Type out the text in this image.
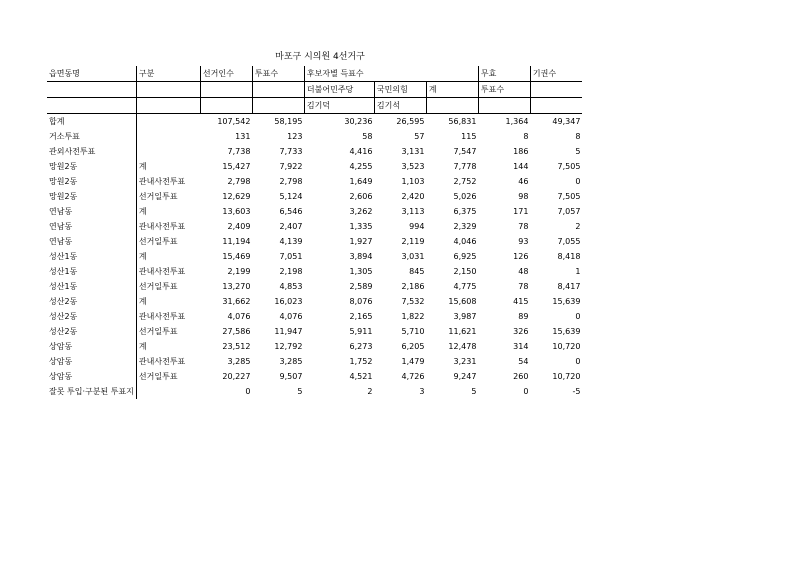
마포구 시의원 4선거구
읍면동명	구분	선거인수	투표수	후보자별 득표수			무효	기권수
				더불어민주당	국민의힘	계	투표수	
				김기덕	김기석			
합계		107,542	58,195	30,236	26,595	56,831	1,364	49,347
거소투표		131	123	58	57	115	8	8
관외사전투표		7,738	7,733	4,416	3,131	7,547	186	5
망원2동	계	15,427	7,922	4,255	3,523	7,778	144	7,505
망원2동	관내사전투표	2,798	2,798	1,649	1,103	2,752	46	0
망원2동	선거일투표	12,629	5,124	2,606	2,420	5,026	98	7,505
연남동	계	13,603	6,546	3,262	3,113	6,375	171	7,057
연남동	관내사전투표	2,409	2,407	1,335	994	2,329	78	2
연남동	선거일투표	11,194	4,139	1,927	2,119	4,046	93	7,055
성산1동	계	15,469	7,051	3,894	3,031	6,925	126	8,418
성산1동	관내사전투표	2,199	2,198	1,305	845	2,150	48	1
성산1동	선거일투표	13,270	4,853	2,589	2,186	4,775	78	8,417
성산2동	계	31,662	16,023	8,076	7,532	15,608	415	15,639
성산2동	관내사전투표	4,076	4,076	2,165	1,822	3,987	89	0
성산2동	선거일투표	27,586	11,947	5,911	5,710	11,621	326	15,639
상암동	계	23,512	12,792	6,273	6,205	12,478	314	10,720
상암동	관내사전투표	3,285	3,285	1,752	1,479	3,231	54	0
상암동	선거일투표	20,227	9,507	4,521	4,726	9,247	260	10,720
잘못 투입·구분된 투표지		0	5	2	3	5	0	-5
